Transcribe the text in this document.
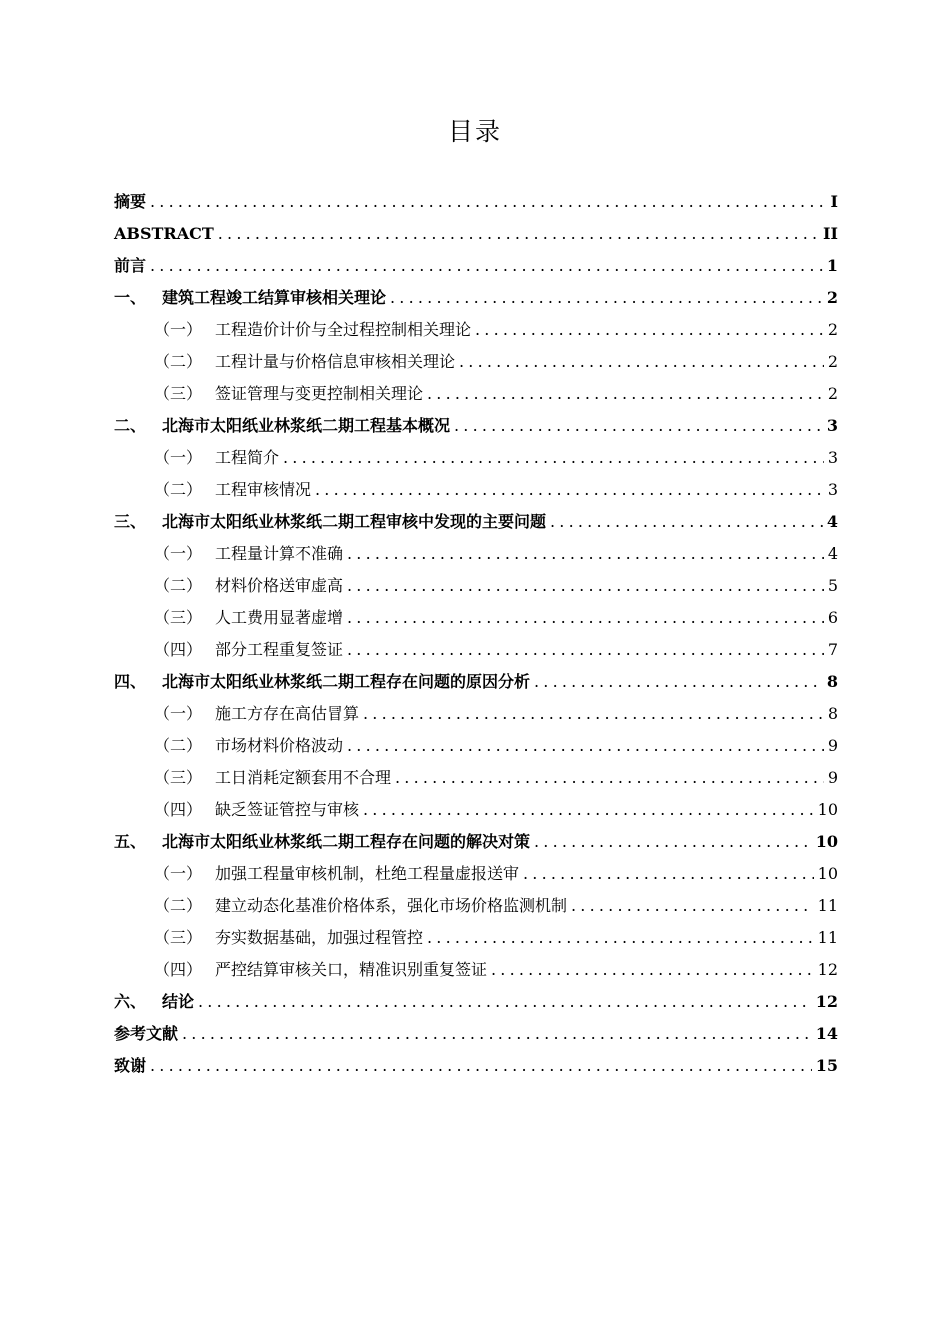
目录
摘要 .....	I
ABSTRACT .....	II
前言 .....	1
一、 建筑工程竣工结算审核相关理论 .....	2
（一） 工程造价计价与全过程控制相关理论 .....	2
（二） 工程计量与价格信息审核相关理论 .....	2
（三） 签证管理与变更控制相关理论 .....	2
二、 北海市太阳纸业林浆纸二期工程基本概况 .....	3
（一） 工程简介 .....	3
（二） 工程审核情况 .....	3
三、 北海市太阳纸业林浆纸二期工程审核中发现的主要问题 .....	4
（一） 工程量计算不准确 .....	4
（二） 材料价格送审虚高 .....	5
（三） 人工费用显著虚增 .....	6
（四） 部分工程重复签证 .....	7
四、 北海市太阳纸业林浆纸二期工程存在问题的原因分析 .....	8
（一） 施工方存在高估冒算 .....	8
（二） 市场材料价格波动 .....	9
（三） 工日消耗定额套用不合理 .....	9
（四） 缺乏签证管控与审核 .....	10
五、 北海市太阳纸业林浆纸二期工程存在问题的解决对策 .....	10
（一） 加强工程量审核机制，杜绝工程量虚报送审 .....	10
（二） 建立动态化基准价格体系，强化市场价格监测机制 .....	11
（三） 夯实数据基础，加强过程管控 .....	11
（四） 严控结算审核关口，精准识别重复签证 .....	12
六、 结论 .....	12
参考文献 .....	14
致谢 .....	15
